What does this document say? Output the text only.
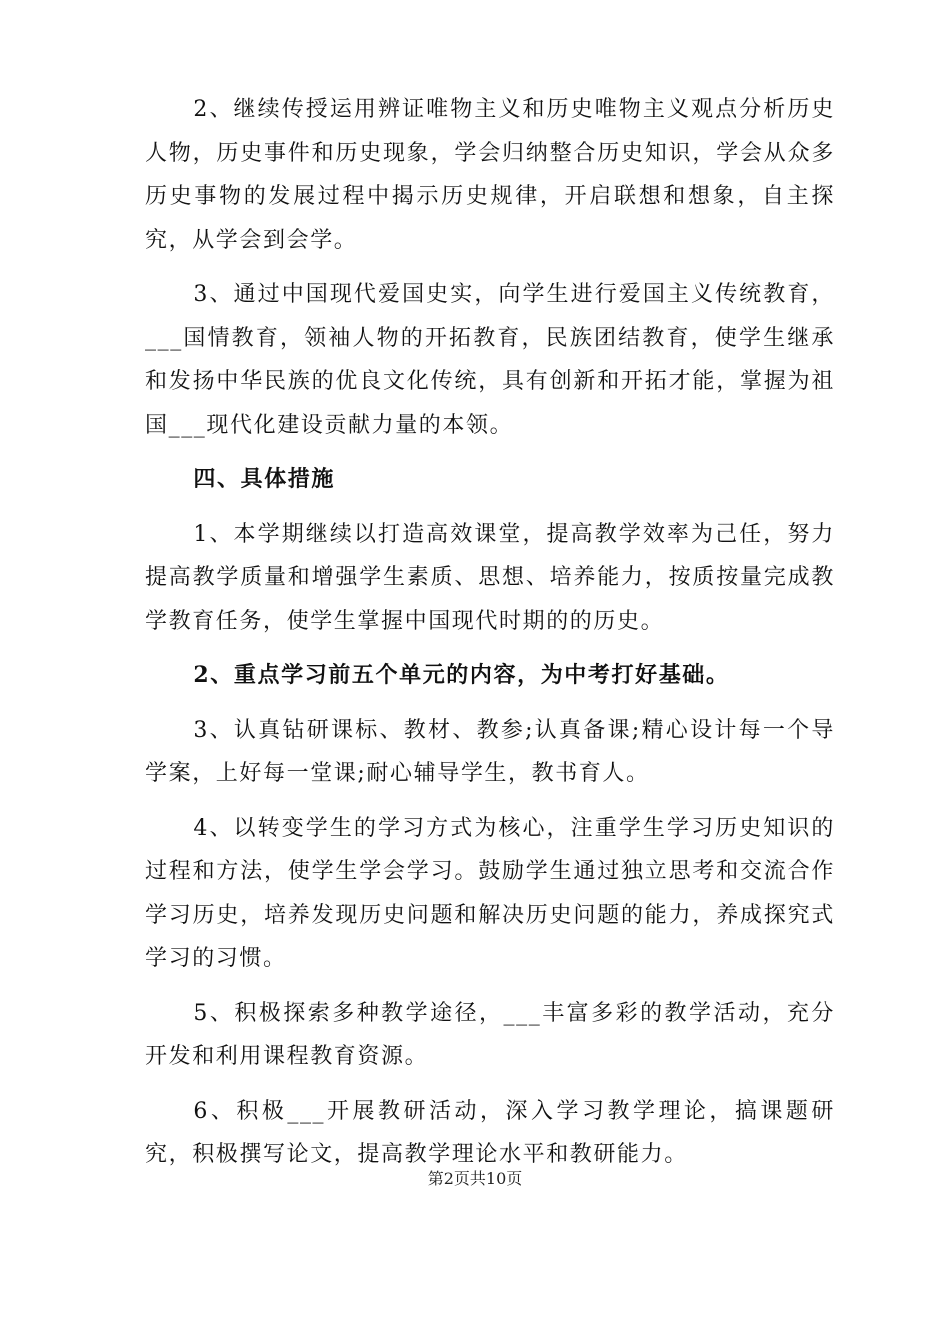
2、继续传授运用辨证唯物主义和历史唯物主义观点分析历史人物，历史事件和历史现象，学会归纳整合历史知识，学会从众多历史事物的发展过程中揭示历史规律，开启联想和想象，自主探究，从学会到会学。

3、通过中国现代爱国史实，向学生进行爱国主义传统教育，___国情教育，领袖人物的开拓教育，民族团结教育，使学生继承和发扬中华民族的优良文化传统，具有创新和开拓才能，掌握为祖国___现代化建设贡献力量的本领。

四、具体措施

1、本学期继续以打造高效课堂，提高教学效率为己任，努力提高教学质量和增强学生素质、思想、培养能力，按质按量完成教学教育任务，使学生掌握中国现代时期的的历史。

2、重点学习前五个单元的内容，为中考打好基础。

3、认真钻研课标、教材、教参;认真备课;精心设计每一个导学案，上好每一堂课;耐心辅导学生，教书育人。

4、以转变学生的学习方式为核心，注重学生学习历史知识的过程和方法，使学生学会学习。鼓励学生通过独立思考和交流合作学习历史，培养发现历史问题和解决历史问题的能力，养成探究式学习的习惯。

5、积极探索多种教学途径，___丰富多彩的教学活动，充分开发和利用课程教育资源。

6、积极___开展教研活动，深入学习教学理论，搞课题研究，积极撰写论文，提高教学理论水平和教研能力。

第2页共10页
